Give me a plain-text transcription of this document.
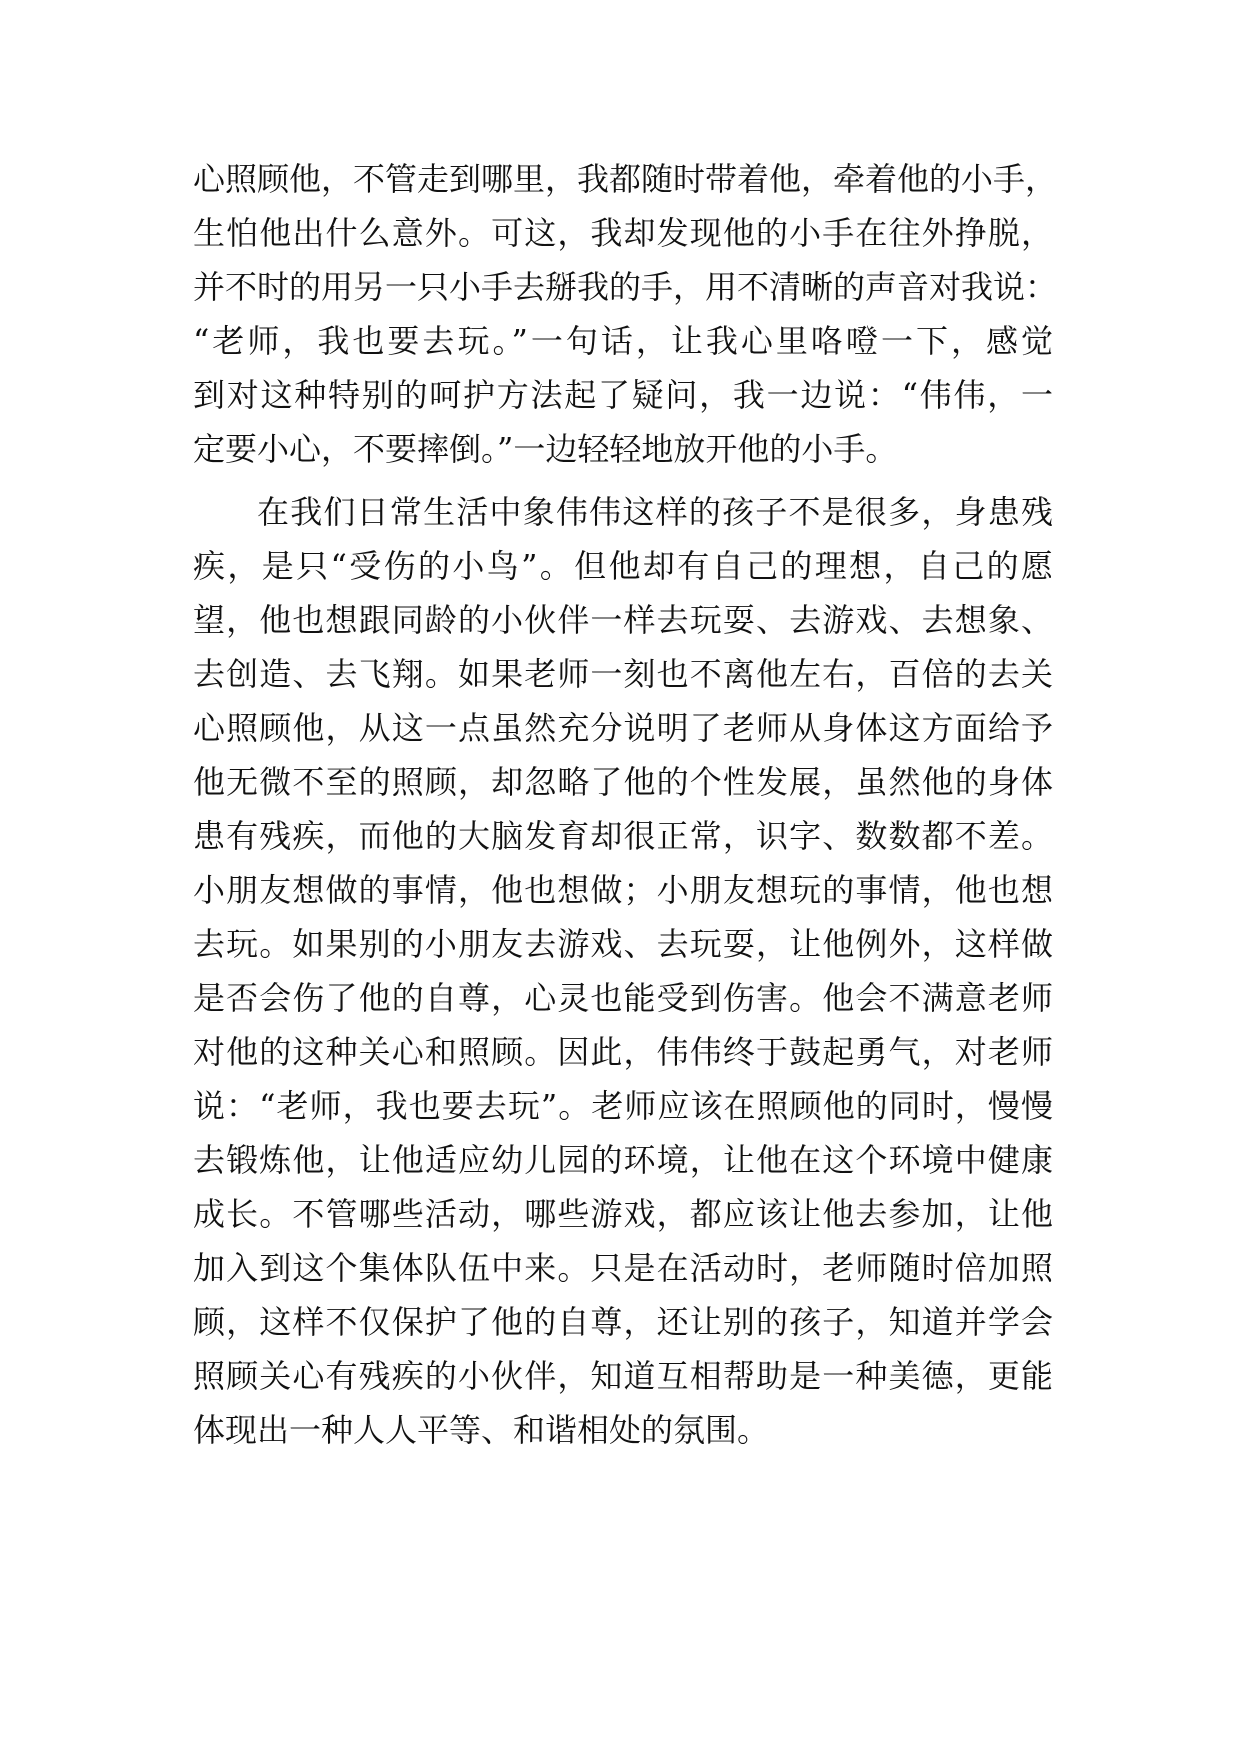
心照顾他，不管走到哪里，我都随时带着他，牵着他的小手，
生怕他出什么意外。可这，我却发现他的小手在往外挣脱，
并不时的用另一只小手去掰我的手，用不清晰的声音对我说：
“老师，我也要去玩。”一句话，让我心里咯噔一下，感觉
到对这种特别的呵护方法起了疑问，我一边说：“伟伟，一
定要小心，不要摔倒。”一边轻轻地放开他的小手。
在我们日常生活中象伟伟这样的孩子不是很多，身患残
疾，是只“受伤的小鸟”。但他却有自己的理想，自己的愿
望，他也想跟同龄的小伙伴一样去玩耍、去游戏、去想象、
去创造、去飞翔。如果老师一刻也不离他左右，百倍的去关
心照顾他，从这一点虽然充分说明了老师从身体这方面给予
他无微不至的照顾，却忽略了他的个性发展，虽然他的身体
患有残疾，而他的大脑发育却很正常，识字、数数都不差。
小朋友想做的事情，他也想做；小朋友想玩的事情，他也想
去玩。如果别的小朋友去游戏、去玩耍，让他例外，这样做
是否会伤了他的自尊，心灵也能受到伤害。他会不满意老师
对他的这种关心和照顾。因此，伟伟终于鼓起勇气，对老师
说：“老师，我也要去玩”。老师应该在照顾他的同时，慢慢
去锻炼他，让他适应幼儿园的环境，让他在这个环境中健康
成长。不管哪些活动，哪些游戏，都应该让他去参加，让他
加入到这个集体队伍中来。只是在活动时，老师随时倍加照
顾，这样不仅保护了他的自尊，还让别的孩子，知道并学会
照顾关心有残疾的小伙伴，知道互相帮助是一种美德，更能
体现出一种人人平等、和谐相处的氛围。
